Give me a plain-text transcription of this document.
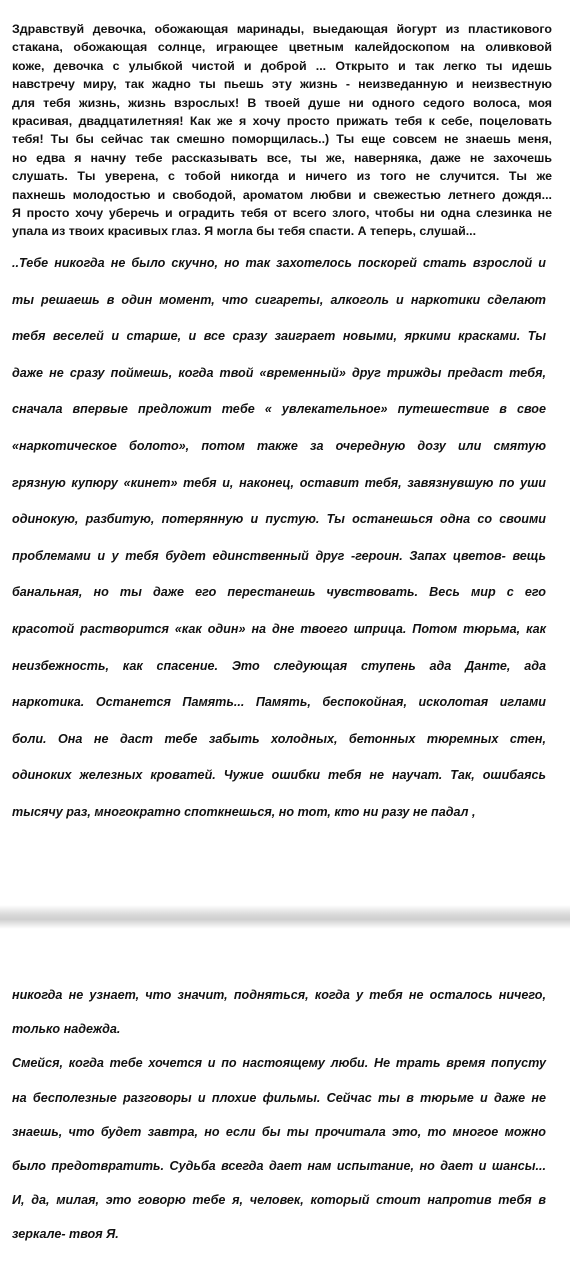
Здравствуй девочка, обожающая маринады, выедающая йогурт из пластикового
стакана, обожающая солнце, играющее цветным калейдоскопом на оливковой
коже, девочка с улыбкой чистой и доброй ... Открыто и так легко ты идешь
навстречу миру, так жадно ты пьешь эту жизнь - неизведанную и неизвестную
для тебя жизнь, жизнь взрослых! В твоей душе ни одного седого волоса, моя
красивая, двадцатилетняя! Как же я хочу просто прижать тебя к себе, поцеловать
тебя! Ты бы сейчас так смешно поморщилась..) Ты еще совсем не знаешь меня,
но едва я начну тебе рассказывать все, ты же, наверняка, даже не захочешь
слушать. Ты уверена, с тобой никогда и ничего из того не случится. Ты же
пахнешь молодостью и свободой, ароматом любви и свежестью летнего дождя...
Я просто хочу уберечь и оградить тебя от всего злого, чтобы ни одна слезинка не
упала из твоих красивых глаз. Я могла бы тебя спасти. А теперь, слушай...
..Тебе никогда не было скучно, но так захотелось поскорей стать взрослой и
ты решаешь в один момент, что сигареты, алкоголь и наркотики сделают
тебя веселей и старше, и все сразу заиграет новыми, яркими красками. Ты
даже не сразу поймешь, когда твой «временный» друг трижды предаст тебя,
сначала впервые предложит тебе « увлекательное» путешествие в свое
«наркотическое болото», потом также за очередную дозу или смятую
грязную купюру «кинет» тебя и, наконец, оставит тебя, завязнувшую по уши
одинокую, разбитую, потерянную и пустую. Ты останешься одна со своими
проблемами и у тебя будет единственный друг -героин. Запах цветов- вещь
банальная, но ты даже его перестанешь чувствовать. Весь мир с его
красотой растворится «как один» на дне твоего шприца. Потом тюрьма, как
неизбежность, как спасение. Это следующая ступень ада Данте, ада
наркотика. Останется Память... Память, беспокойная, исколотая иглами
боли. Она не даст тебе забыть холодных, бетонных тюремных стен,
одиноких железных кроватей. Чужие ошибки тебя не научат. Так, ошибаясь
тысячу раз, многократно споткнешься, но тот, кто ни разу не падал ,
никогда не узнает, что значит, подняться, когда у тебя не осталось ничего,
только надежда.
Смейся, когда тебе хочется и по настоящему люби. Не трать время попусту
на бесполезные разговоры и плохие фильмы. Сейчас ты в тюрьме и даже не
знаешь, что будет завтра, но если бы ты прочитала это, то многое можно
было предотвратить. Судьба всегда дает нам испытание, но дает и шансы...
И, да, милая, это говорю тебе я, человек, который стоит напротив тебя в
зеркале- твоя Я.
